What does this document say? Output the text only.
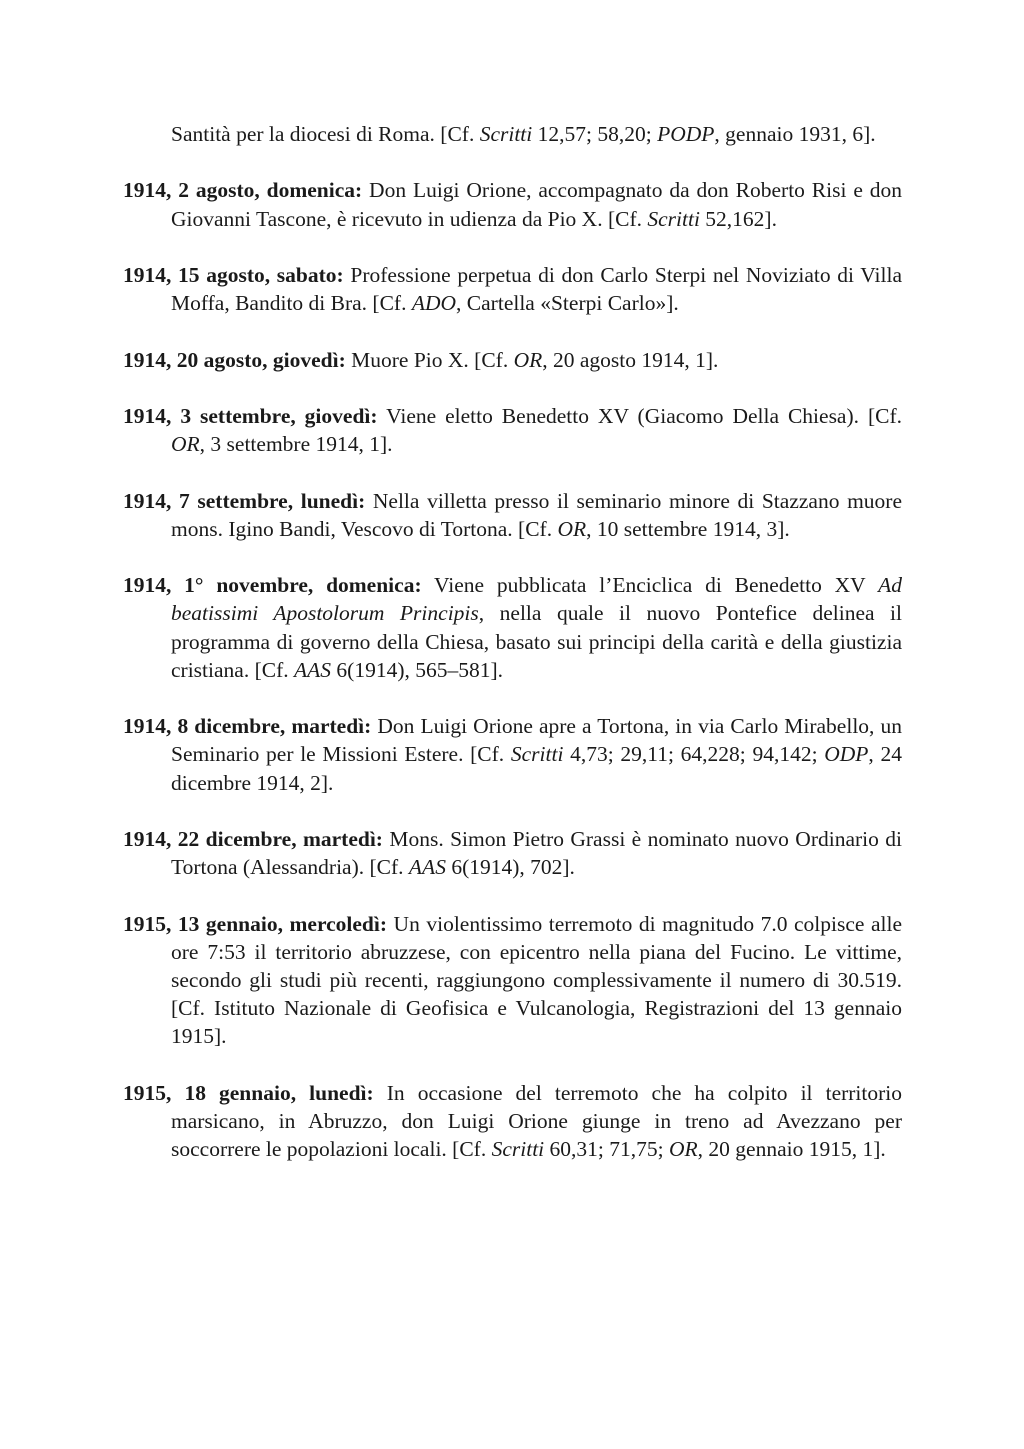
Santità per la diocesi di Roma. [Cf. Scritti 12,57; 58,20; PODP, gennaio 1931, 6].

1914, 2 agosto, domenica: Don Luigi Orione, accompagnato da don Roberto Risi e don Giovanni Tascone, è ricevuto in udienza da Pio X. [Cf. Scritti 52,162].

1914, 15 agosto, sabato: Professione perpetua di don Carlo Sterpi nel Noviziato di Villa Moffa, Bandito di Bra. [Cf. ADO, Cartella «Sterpi Carlo»].

1914, 20 agosto, giovedì: Muore Pio X. [Cf. OR, 20 agosto 1914, 1].

1914, 3 settembre, giovedì: Viene eletto Benedetto XV (Giacomo Della Chiesa). [Cf. OR, 3 settembre 1914, 1].

1914, 7 settembre, lunedì: Nella villetta presso il seminario minore di Stazzano muore mons. Igino Bandi, Vescovo di Tortona. [Cf. OR, 10 settembre 1914, 3].

1914, 1° novembre, domenica: Viene pubblicata l’Enciclica di Benedetto XV Ad beatissimi Apostolorum Principis, nella quale il nuovo Pontefice delinea il programma di governo della Chiesa, basato sui principi della carità e della giustizia cristiana. [Cf. AAS 6(1914), 565–581].

1914, 8 dicembre, martedì: Don Luigi Orione apre a Tortona, in via Carlo Mirabello, un Seminario per le Missioni Estere. [Cf. Scritti 4,73; 29,11; 64,228; 94,142; ODP, 24 dicembre 1914, 2].

1914, 22 dicembre, martedì: Mons. Simon Pietro Grassi è nominato nuovo Ordinario di Tortona (Alessandria). [Cf. AAS 6(1914), 702].

1915, 13 gennaio, mercoledì: Un violentissimo terremoto di magnitudo 7.0 colpisce alle ore 7:53 il territorio abruzzese, con epicentro nella piana del Fucino. Le vittime, secondo gli studi più recenti, raggiungono complessivamente il numero di 30.519. [Cf. Istituto Nazionale di Geofisica e Vulcanologia, Registrazioni del 13 gennaio 1915].

1915, 18 gennaio, lunedì: In occasione del terremoto che ha colpito il territorio marsicano, in Abruzzo, don Luigi Orione giunge in treno ad Avezzano per soccorrere le popolazioni locali. [Cf. Scritti 60,31; 71,75; OR, 20 gennaio 1915, 1].
